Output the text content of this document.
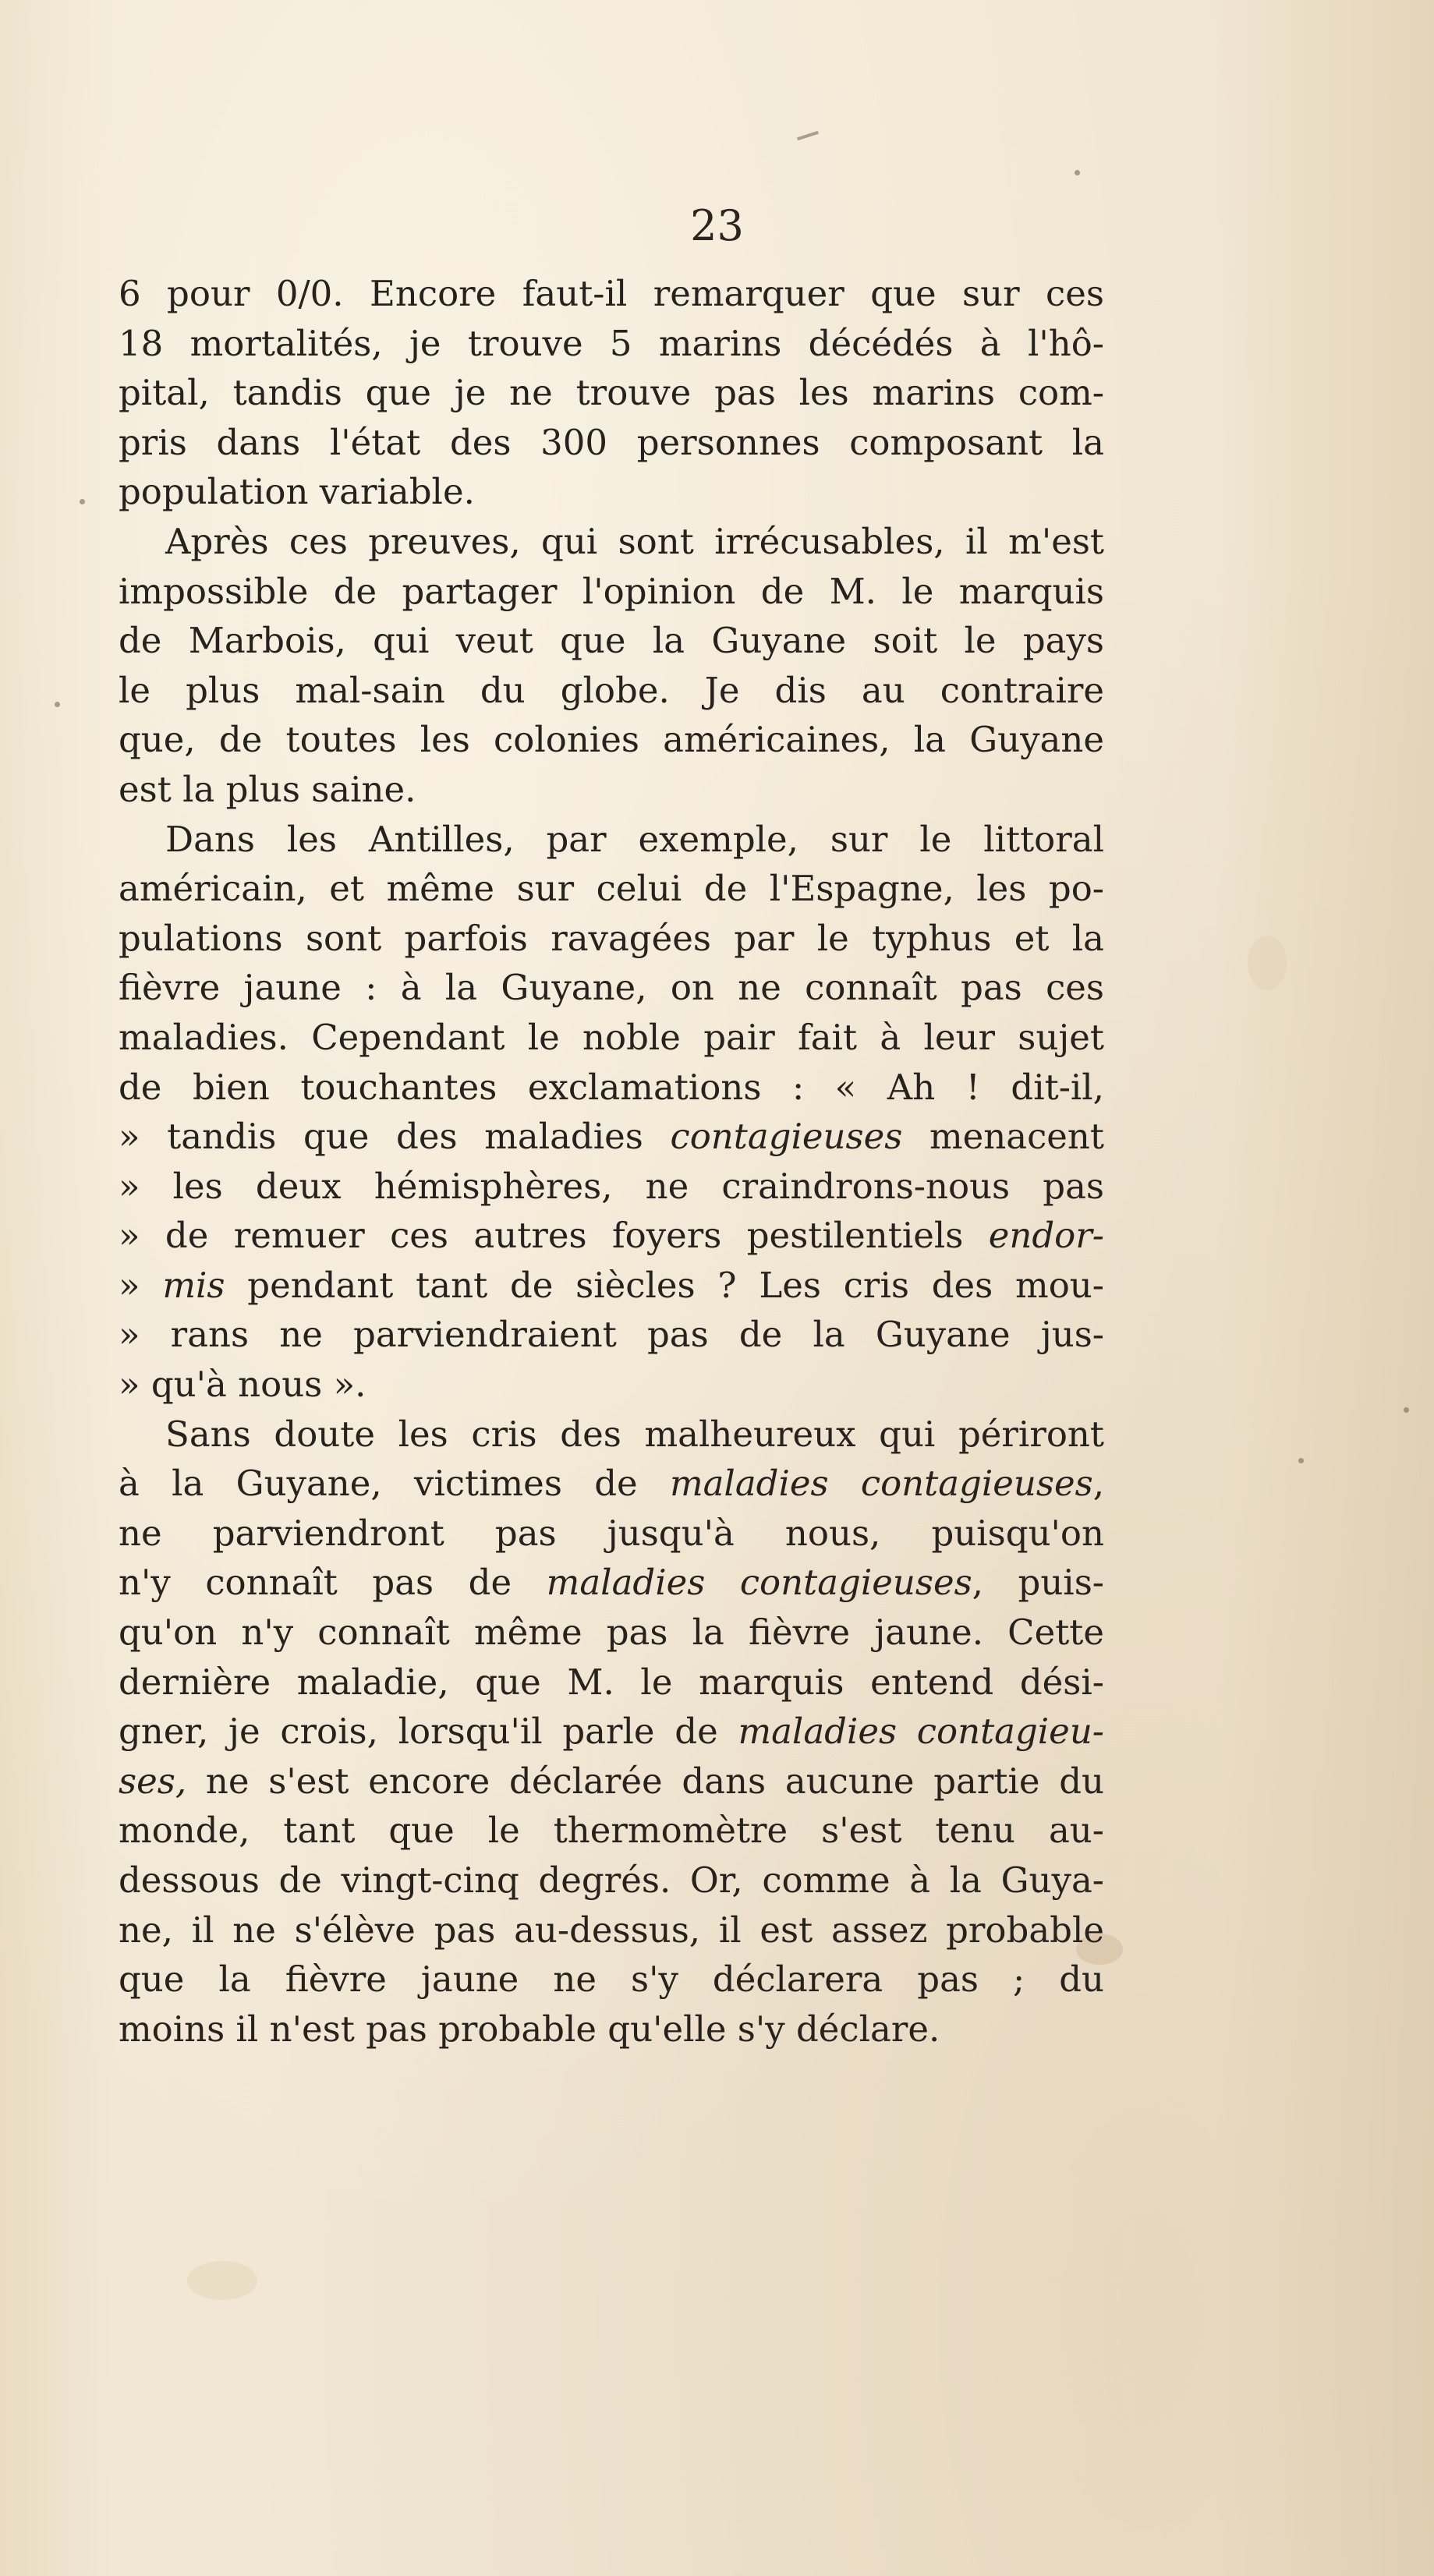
23
6 pour 0/0. Encore faut-il remarquer que sur ces
18 mortalités, je trouve 5 marins décédés à l'hô-
pital, tandis que je ne trouve pas les marins com-
pris dans l'état des 300 personnes composant la
population variable.
Après ces preuves, qui sont irrécusables, il m'est
impossible de partager l'opinion de M. le marquis
de Marbois, qui veut que la Guyane soit le pays
le plus mal-sain du globe. Je dis au contraire
que, de toutes les colonies américaines, la Guyane
est la plus saine.
Dans les Antilles, par exemple, sur le littoral
américain, et même sur celui de l'Espagne, les po-
pulations sont parfois ravagées par le typhus et la
fièvre jaune : à la Guyane, on ne connaît pas ces
maladies. Cependant le noble pair fait à leur sujet
de bien touchantes exclamations : « Ah ! dit-il,
» tandis que des maladies contagieuses menacent
» les deux hémisphères, ne craindrons-nous pas
» de remuer ces autres foyers pestilentiels endor-
» mis pendant tant de siècles ? Les cris des mou-
» rans ne parviendraient pas de la Guyane jus-
» qu'à nous ».
Sans doute les cris des malheureux qui périront
à la Guyane, victimes de maladies contagieuses,
ne parviendront pas jusqu'à nous, puisqu'on
n'y connaît pas de maladies contagieuses, puis-
qu'on n'y connaît même pas la fièvre jaune. Cette
dernière maladie, que M. le marquis entend dési-
gner, je crois, lorsqu'il parle de maladies contagieu-
ses, ne s'est encore déclarée dans aucune partie du
monde, tant que le thermomètre s'est tenu au-
dessous de vingt-cinq degrés. Or, comme à la Guya-
ne, il ne s'élève pas au-dessus, il est assez probable
que la fièvre jaune ne s'y déclarera pas ; du
moins il n'est pas probable qu'elle s'y déclare.
